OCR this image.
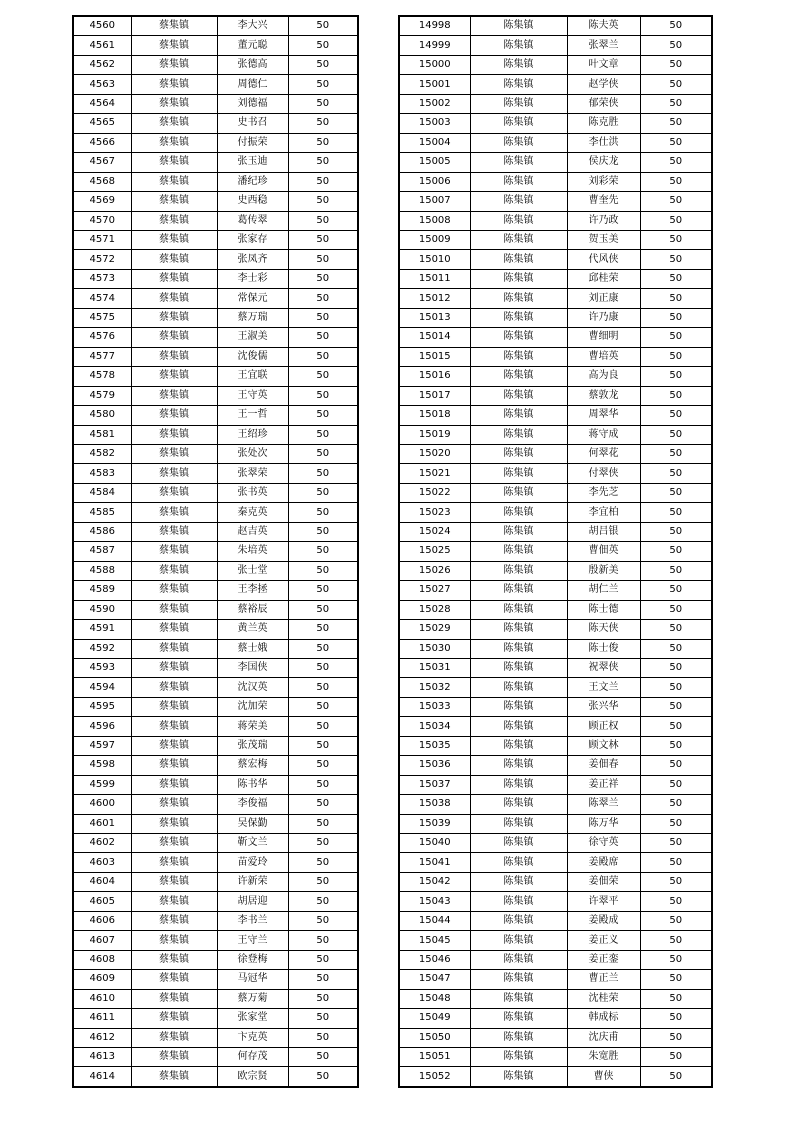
4560	蔡集镇	李大兴	50
4561	蔡集镇	董元聪	50
4562	蔡集镇	张德高	50
4563	蔡集镇	周德仁	50
4564	蔡集镇	刘德福	50
4565	蔡集镇	史书召	50
4566	蔡集镇	付振荣	50
4567	蔡集镇	张玉迪	50
4568	蔡集镇	潘纪珍	50
4569	蔡集镇	史西稳	50
4570	蔡集镇	葛传翠	50
4571	蔡集镇	张家存	50
4572	蔡集镇	张凤齐	50
4573	蔡集镇	李士彩	50
4574	蔡集镇	常保元	50
4575	蔡集镇	蔡万瑞	50
4576	蔡集镇	王淑美	50
4577	蔡集镇	沈俊儒	50
4578	蔡集镇	王宜联	50
4579	蔡集镇	王守英	50
4580	蔡集镇	王一哲	50
4581	蔡集镇	王绍珍	50
4582	蔡集镇	张处次	50
4583	蔡集镇	张翠荣	50
4584	蔡集镇	张书英	50
4585	蔡集镇	秦克英	50
4586	蔡集镇	赵吉英	50
4587	蔡集镇	朱培英	50
4588	蔡集镇	张士堂	50
4589	蔡集镇	王李拯	50
4590	蔡集镇	蔡裕辰	50
4591	蔡集镇	黄兰英	50
4592	蔡集镇	蔡士娥	50
4593	蔡集镇	李国侠	50
4594	蔡集镇	沈汉英	50
4595	蔡集镇	沈加荣	50
4596	蔡集镇	蒋荣美	50
4597	蔡集镇	张茂瑞	50
4598	蔡集镇	蔡宏梅	50
4599	蔡集镇	陈书华	50
4600	蔡集镇	李俊福	50
4601	蔡集镇	吴保勤	50
4602	蔡集镇	靳文兰	50
4603	蔡集镇	苗爱玲	50
4604	蔡集镇	许新荣	50
4605	蔡集镇	胡居迎	50
4606	蔡集镇	李书兰	50
4607	蔡集镇	王守兰	50
4608	蔡集镇	徐登梅	50
4609	蔡集镇	马冠华	50
4610	蔡集镇	蔡万菊	50
4611	蔡集镇	张家堂	50
4612	蔡集镇	卞克英	50
4613	蔡集镇	何存茂	50
4614	蔡集镇	欧宗贤	50
14998	陈集镇	陈夫英	50
14999	陈集镇	张翠兰	50
15000	陈集镇	叶文章	50
15001	陈集镇	赵学侠	50
15002	陈集镇	郁荣侠	50
15003	陈集镇	陈克胜	50
15004	陈集镇	李仕洪	50
15005	陈集镇	侯庆龙	50
15006	陈集镇	刘彩荣	50
15007	陈集镇	曹奎先	50
15008	陈集镇	许乃政	50
15009	陈集镇	贺玉美	50
15010	陈集镇	代风侠	50
15011	陈集镇	邱桂荣	50
15012	陈集镇	刘正康	50
15013	陈集镇	许乃康	50
15014	陈集镇	曹细明	50
15015	陈集镇	曹培英	50
15016	陈集镇	高为良	50
15017	陈集镇	蔡敦龙	50
15018	陈集镇	周翠华	50
15019	陈集镇	蒋守成	50
15020	陈集镇	何翠花	50
15021	陈集镇	付翠侠	50
15022	陈集镇	李先芝	50
15023	陈集镇	李宜柏	50
15024	陈集镇	胡吕银	50
15025	陈集镇	曹佃英	50
15026	陈集镇	殷新美	50
15027	陈集镇	胡仁兰	50
15028	陈集镇	陈士德	50
15029	陈集镇	陈天侠	50
15030	陈集镇	陈士俊	50
15031	陈集镇	祝翠侠	50
15032	陈集镇	王文兰	50
15033	陈集镇	张兴华	50
15034	陈集镇	顾正权	50
15035	陈集镇	顾文林	50
15036	陈集镇	姜佃春	50
15037	陈集镇	姜正祥	50
15038	陈集镇	陈翠兰	50
15039	陈集镇	陈万华	50
15040	陈集镇	徐守英	50
15041	陈集镇	姜殿席	50
15042	陈集镇	姜佃荣	50
15043	陈集镇	许翠平	50
15044	陈集镇	姜殿成	50
15045	陈集镇	姜正义	50
15046	陈集镇	姜正銮	50
15047	陈集镇	曹正兰	50
15048	陈集镇	沈桂荣	50
15049	陈集镇	韩成标	50
15050	陈集镇	沈庆甫	50
15051	陈集镇	朱宽胜	50
15052	陈集镇	曹侠	50
